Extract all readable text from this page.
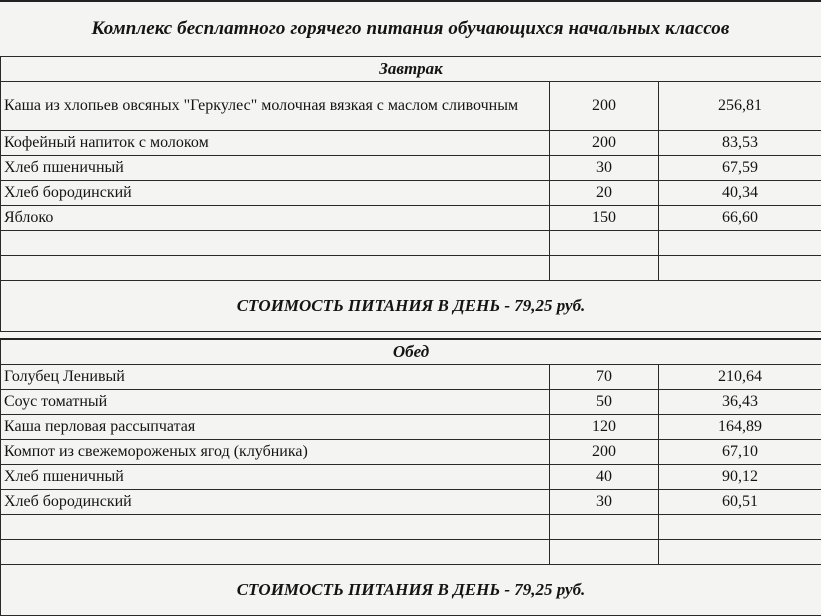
Комплекс бесплатного горячего питания обучающихся начальных классов
Завтрак		
Каша из хлопьев овсяных "Геркулес" молочная вязкая с маслом сливочным	200	256,81
Кофейный напиток с молоком	200	83,53
Хлеб пшеничный	30	67,59
Хлеб бородинский	20	40,34
Яблоко	150	66,60

СТОИМОСТЬ ПИТАНИЯ В ДЕНЬ - 79,25 руб.		
Обед		
Голубец Ленивый	70	210,64
Соус томатный	50	36,43
Каша перловая рассыпчатая	120	164,89
Компот из свежемороженых ягод (клубника)	200	67,10
Хлеб пшеничный	40	90,12
Хлеб бородинский	30	60,51

СТОИМОСТЬ ПИТАНИЯ В ДЕНЬ - 79,25 руб.		
